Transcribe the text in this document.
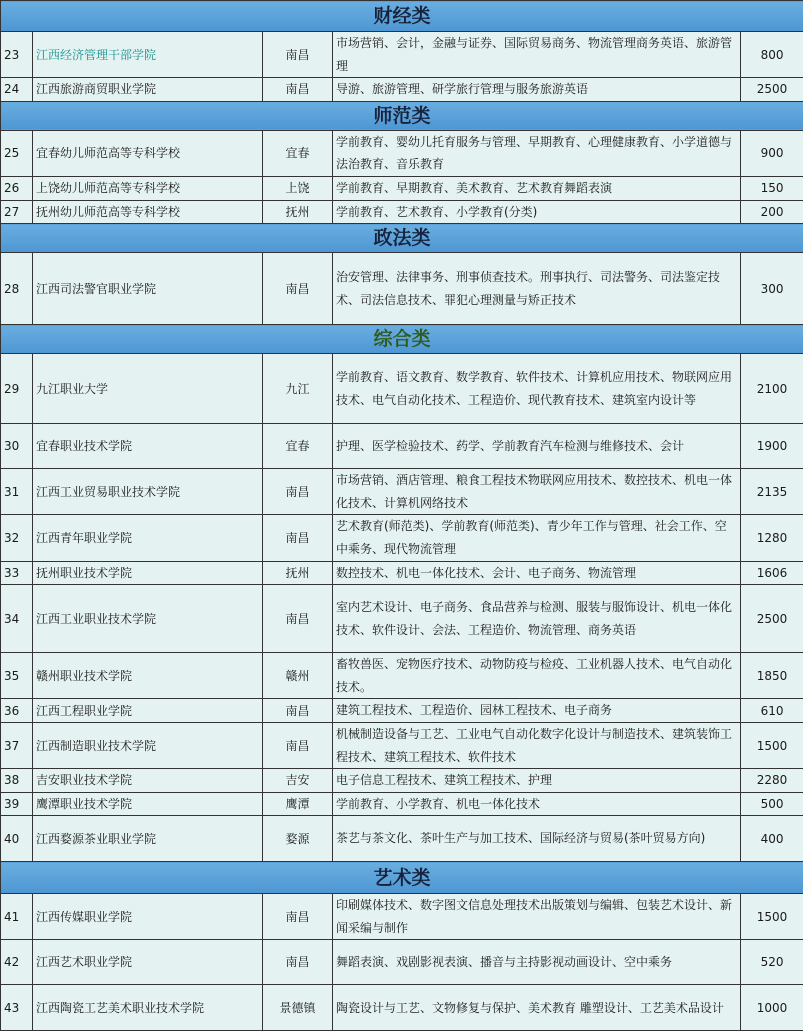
财经类				
23	江西经济管理干部学院	南昌	市场营销、会计，金融与证券、国际贸易商务、物流管理商务英语、旅游管理	800
24	江西旅游商贸职业学院	南昌	导游、旅游管理、研学旅行管理与服务旅游英语	2500
师范类				
25	宜春幼儿师范高等专科学校	宜春	学前教育、婴幼儿托育服务与管理、早期教育、心理健康教育、小学道德与法治教育、音乐教育	900
26	上饶幼儿师范高等专科学校	上饶	学前教育、早期教育、美术教育、艺术教育舞蹈表演	150
27	抚州幼儿师范高等专科学校	抚州	学前教育、艺术教育、小学教育(分类)	200
政法类				
28	江西司法警官职业学院	南昌	治安管理、法律事务、刑事侦查技术。刑事执行、司法警务、司法鉴定技术、司法信息技术、罪犯心理测量与矫正技术	300
综合类				
29	九江职业大学	九江	学前教育、语文教育、数学教育、软件技术、计算机应用技术、物联网应用技术、电气自动化技术、工程造价、现代教育技术、建筑室内设计等	2100
30	宜春职业技术学院	宜春	护理、医学检验技术、药学、学前教育汽车检测与维修技术、会计	1900
31	江西工业贸易职业技术学院	南昌	市场营销、酒店管理、粮食工程技术物联网应用技术、数控技术、机电一体化技术、计算机网络技术	2135
32	江西青年职业学院	南昌	艺术教育(师范类)、学前教育(师范类)、青少年工作与管理、社会工作、空中乘务、现代物流管理	1280
33	抚州职业技术学院	抚州	数控技术、机电一体化技术、会计、电子商务、物流管理	1606
34	江西工业职业技术学院	南昌	室内艺术设计、电子商务、食品营养与检测、服装与服饰设计、机电一体化技术、软件设计、会法、工程造价、物流管理、商务英语	2500
35	赣州职业技术学院	赣州	畜牧兽医、宠物医疗技术、动物防疫与检疫、工业机器人技术、电气自动化技术。	1850
36	江西工程职业学院	南昌	建筑工程技术、工程造价、园林工程技术、电子商务	610
37	江西制造职业技术学院	南昌	机械制造设备与工艺、工业电气自动化数字化设计与制造技术、建筑装饰工程技术、建筑工程技术、软件技术	1500
38	吉安职业技术学院	吉安	电子信息工程技术、建筑工程技术、护理	2280
39	鹰潭职业技术学院	鹰潭	学前教育、小学教育、机电一体化技术	500
40	江西婺源茶业职业学院	婺源	茶艺与茶文化、茶叶生产与加工技术、国际经济与贸易(茶叶贸易方向)	400
艺术类				
41	江西传媒职业学院	南昌	印刷媒体技术、数字图文信息处理技术出版策划与编辑、包装艺术设计、新闻采编与制作	1500
42	江西艺术职业学院	南昌	舞蹈表演、戏剧影视表演、播音与主持影视动画设计、空中乘务	520
43	江西陶瓷工艺美术职业技术学院	景德镇	陶瓷设计与工艺、文物修复与保护、美术教育 雕塑设计、工艺美术品设计	1000
